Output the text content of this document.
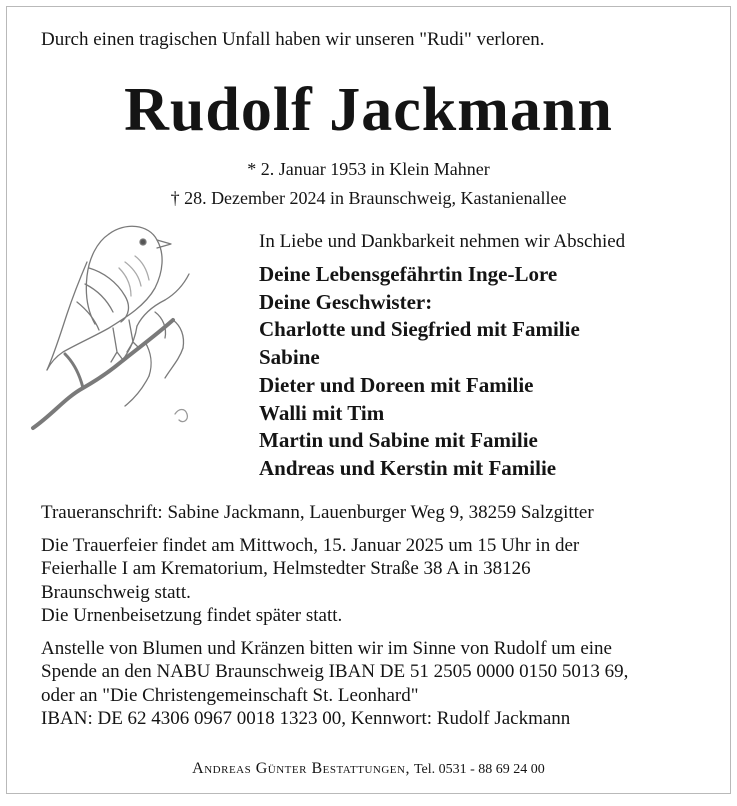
Durch einen tragischen Unfall haben wir unseren "Rudi" verloren.
Rudolf Jackmann
* 2. Januar 1953 in Klein Mahner
† 28. Dezember 2024 in Braunschweig, Kastanienallee
In Liebe und Dankbarkeit nehmen wir Abschied
Deine Lebensgefährtin Inge-Lore
Deine Geschwister:
Charlotte und Siegfried mit Familie
Sabine
Dieter und Doreen mit Familie
Walli mit Tim
Martin und Sabine mit Familie
Andreas und Kerstin mit Familie

Traueranschrift: Sabine Jackmann, Lauenburger Weg 9, 38259 Salzgitter

Die Trauerfeier findet am Mittwoch, 15. Januar 2025 um 15 Uhr in der

Feierhalle I am Krematorium, Helmstedter Straße 38 A in 38126

Braunschweig statt.

Die Urnenbeisetzung findet später statt.

Anstelle von Blumen und Kränzen bitten wir im Sinne von Rudolf um eine

Spende an den NABU Braunschweig IBAN DE 51 2505 0000 0150 5013 69,

oder an "Die Christengemeinschaft St. Leonhard"

IBAN: DE 62 4306 0967 0018 1323 00, Kennwort: Rudolf Jackmann

Andreas Günter Bestattungen, Tel. 0531 - 88 69 24 00
